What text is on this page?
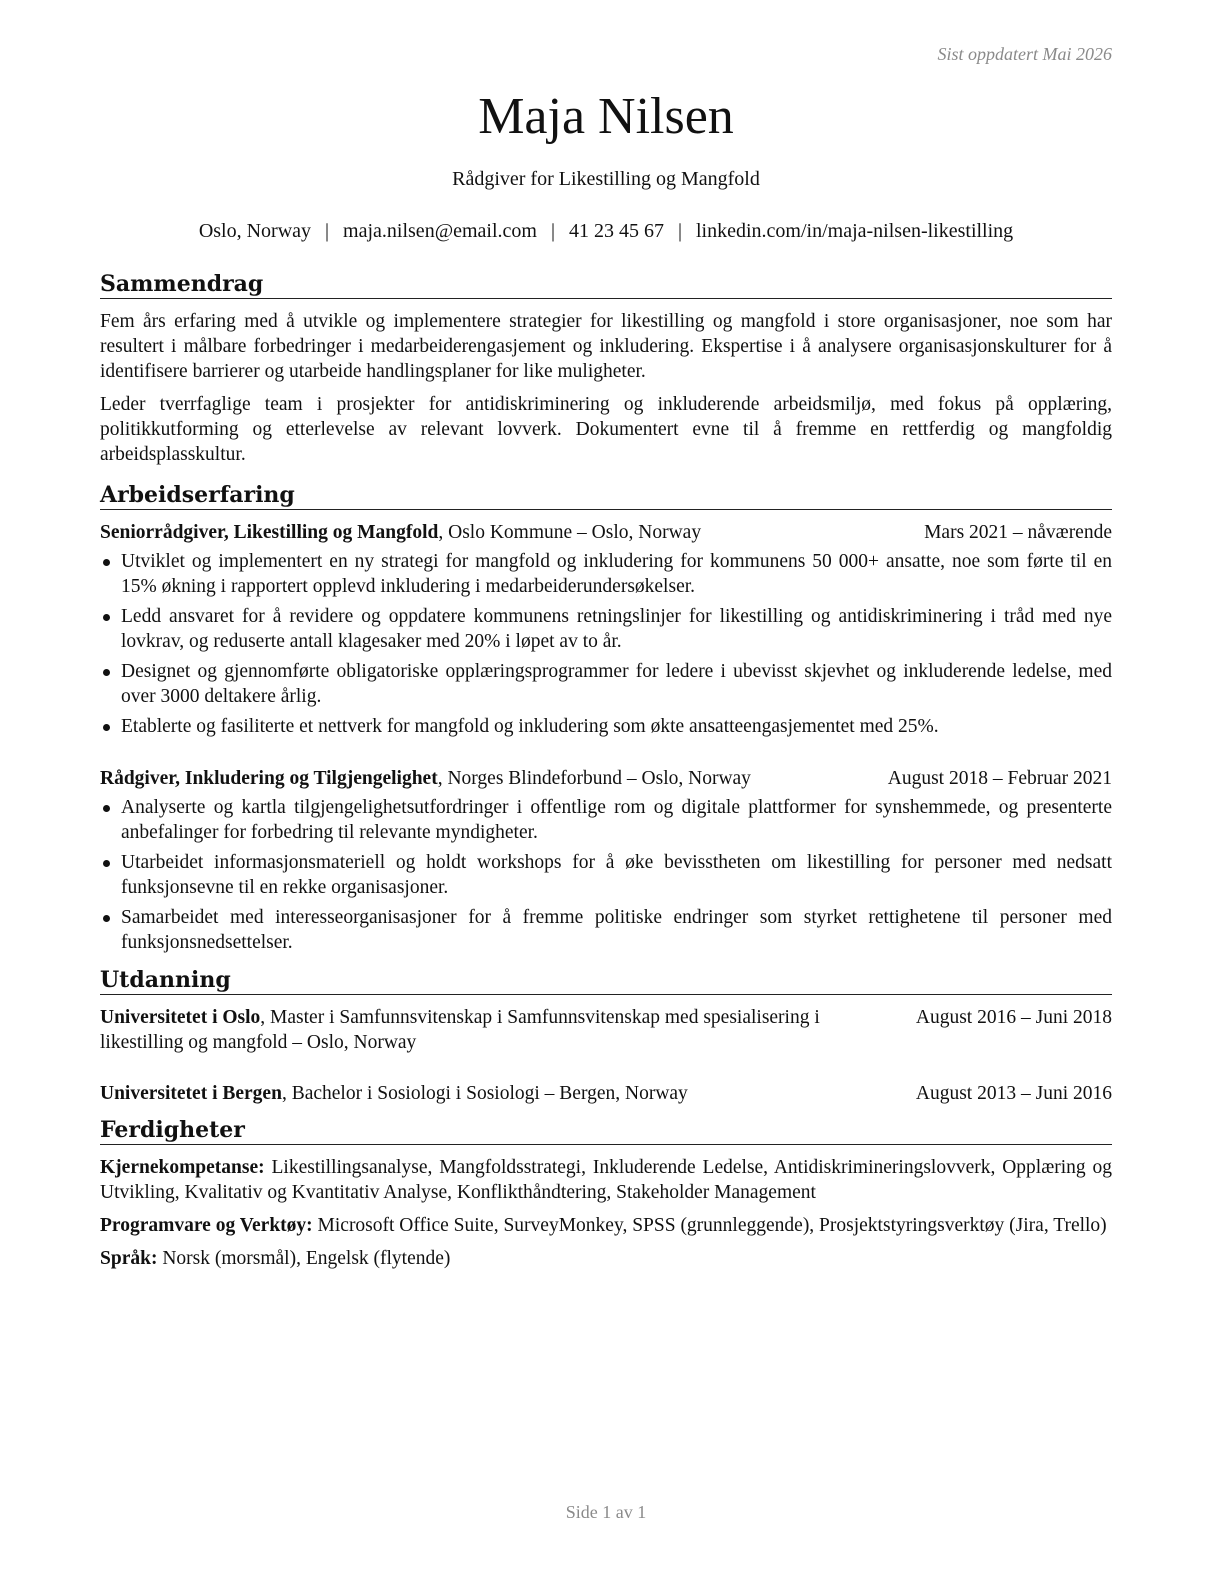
Sist oppdatert Mai 2026
Maja Nilsen
Rådgiver for Likestilling og Mangfold
Oslo, Norway | maja.nilsen@email.com | 41 23 45 67 | linkedin.com/in/maja-nilsen-likestilling
Sammendrag

Fem års erfaring med å utvikle og implementere strategier for likestilling og mangfold i store organisasjoner, noe som har resultert i målbare forbedringer i medarbeiderengasjement og inkludering. Ekspertise i å analysere organisasjonskulturer for å identifisere barrierer og utarbeide handlingsplaner for like muligheter.

Leder tverrfaglige team i prosjekter for antidiskriminering og inkluderende arbeidsmiljø, med fokus på opplæring, politikkutforming og etterlevelse av relevant lovverk. Dokumentert evne til å fremme en rettferdig og mangfoldig arbeidsplasskultur.

Arbeidserfaring
Seniorrådgiver, Likestilling og Mangfold, Oslo Kommune – Oslo, Norway	Mars 2021 – nåværende
Utviklet og implementert en ny strategi for mangfold og inkludering for kommunens 50 000+ ansatte, noe som førte til en 15% økning i rapportert opplevd inkludering i medarbeiderundersøkelser.
Ledd ansvaret for å revidere og oppdatere kommunens retningslinjer for likestilling og antidiskriminering i tråd med nye lovkrav, og reduserte antall klagesaker med 20% i løpet av to år.
Designet og gjennomførte obligatoriske opplæringsprogrammer for ledere i ubevisst skjevhet og inkluderende ledelse, med over 3000 deltakere årlig.
Etablerte og fasiliterte et nettverk for mangfold og inkludering som økte ansatteengasjementet med 25%.
Rådgiver, Inkludering og Tilgjengelighet, Norges Blindeforbund – Oslo, Norway	August 2018 – Februar 2021
Analyserte og kartla tilgjengelighetsutfordringer i offentlige rom og digitale plattformer for synshemmede, og presenterte anbefalinger for forbedring til relevante myndigheter.
Utarbeidet informasjonsmateriell og holdt workshops for å øke bevisstheten om likestilling for personer med nedsatt funksjonsevne til en rekke organisasjoner.
Samarbeidet med interesseorganisasjoner for å fremme politiske endringer som styrket rettighetene til personer med funksjonsnedsettelser.
Utdanning
Universitetet i Oslo, Master i Samfunnsvitenskap i Samfunnsvitenskap med spesialisering i likestilling og mangfold – Oslo, Norway
August 2016 – Juni 2018
Universitetet i Bergen, Bachelor i Sosiologi i Sosiologi – Bergen, Norway	August 2013 – Juni 2016
Ferdigheter

Kjernekompetanse: Likestillingsanalyse, Mangfoldsstrategi, Inkluderende Ledelse, Antidiskrimineringslovverk, Opplæring og Utvikling, Kvalitativ og Kvantitativ Analyse, Konflikthåndtering, Stakeholder Management

Programvare og Verktøy: Microsoft Office Suite, SurveyMonkey, SPSS (grunnleggende), Prosjektstyringsverktøy (Jira, Trello)

Språk: Norsk (morsmål), Engelsk (flytende)

Side 1 av 1
